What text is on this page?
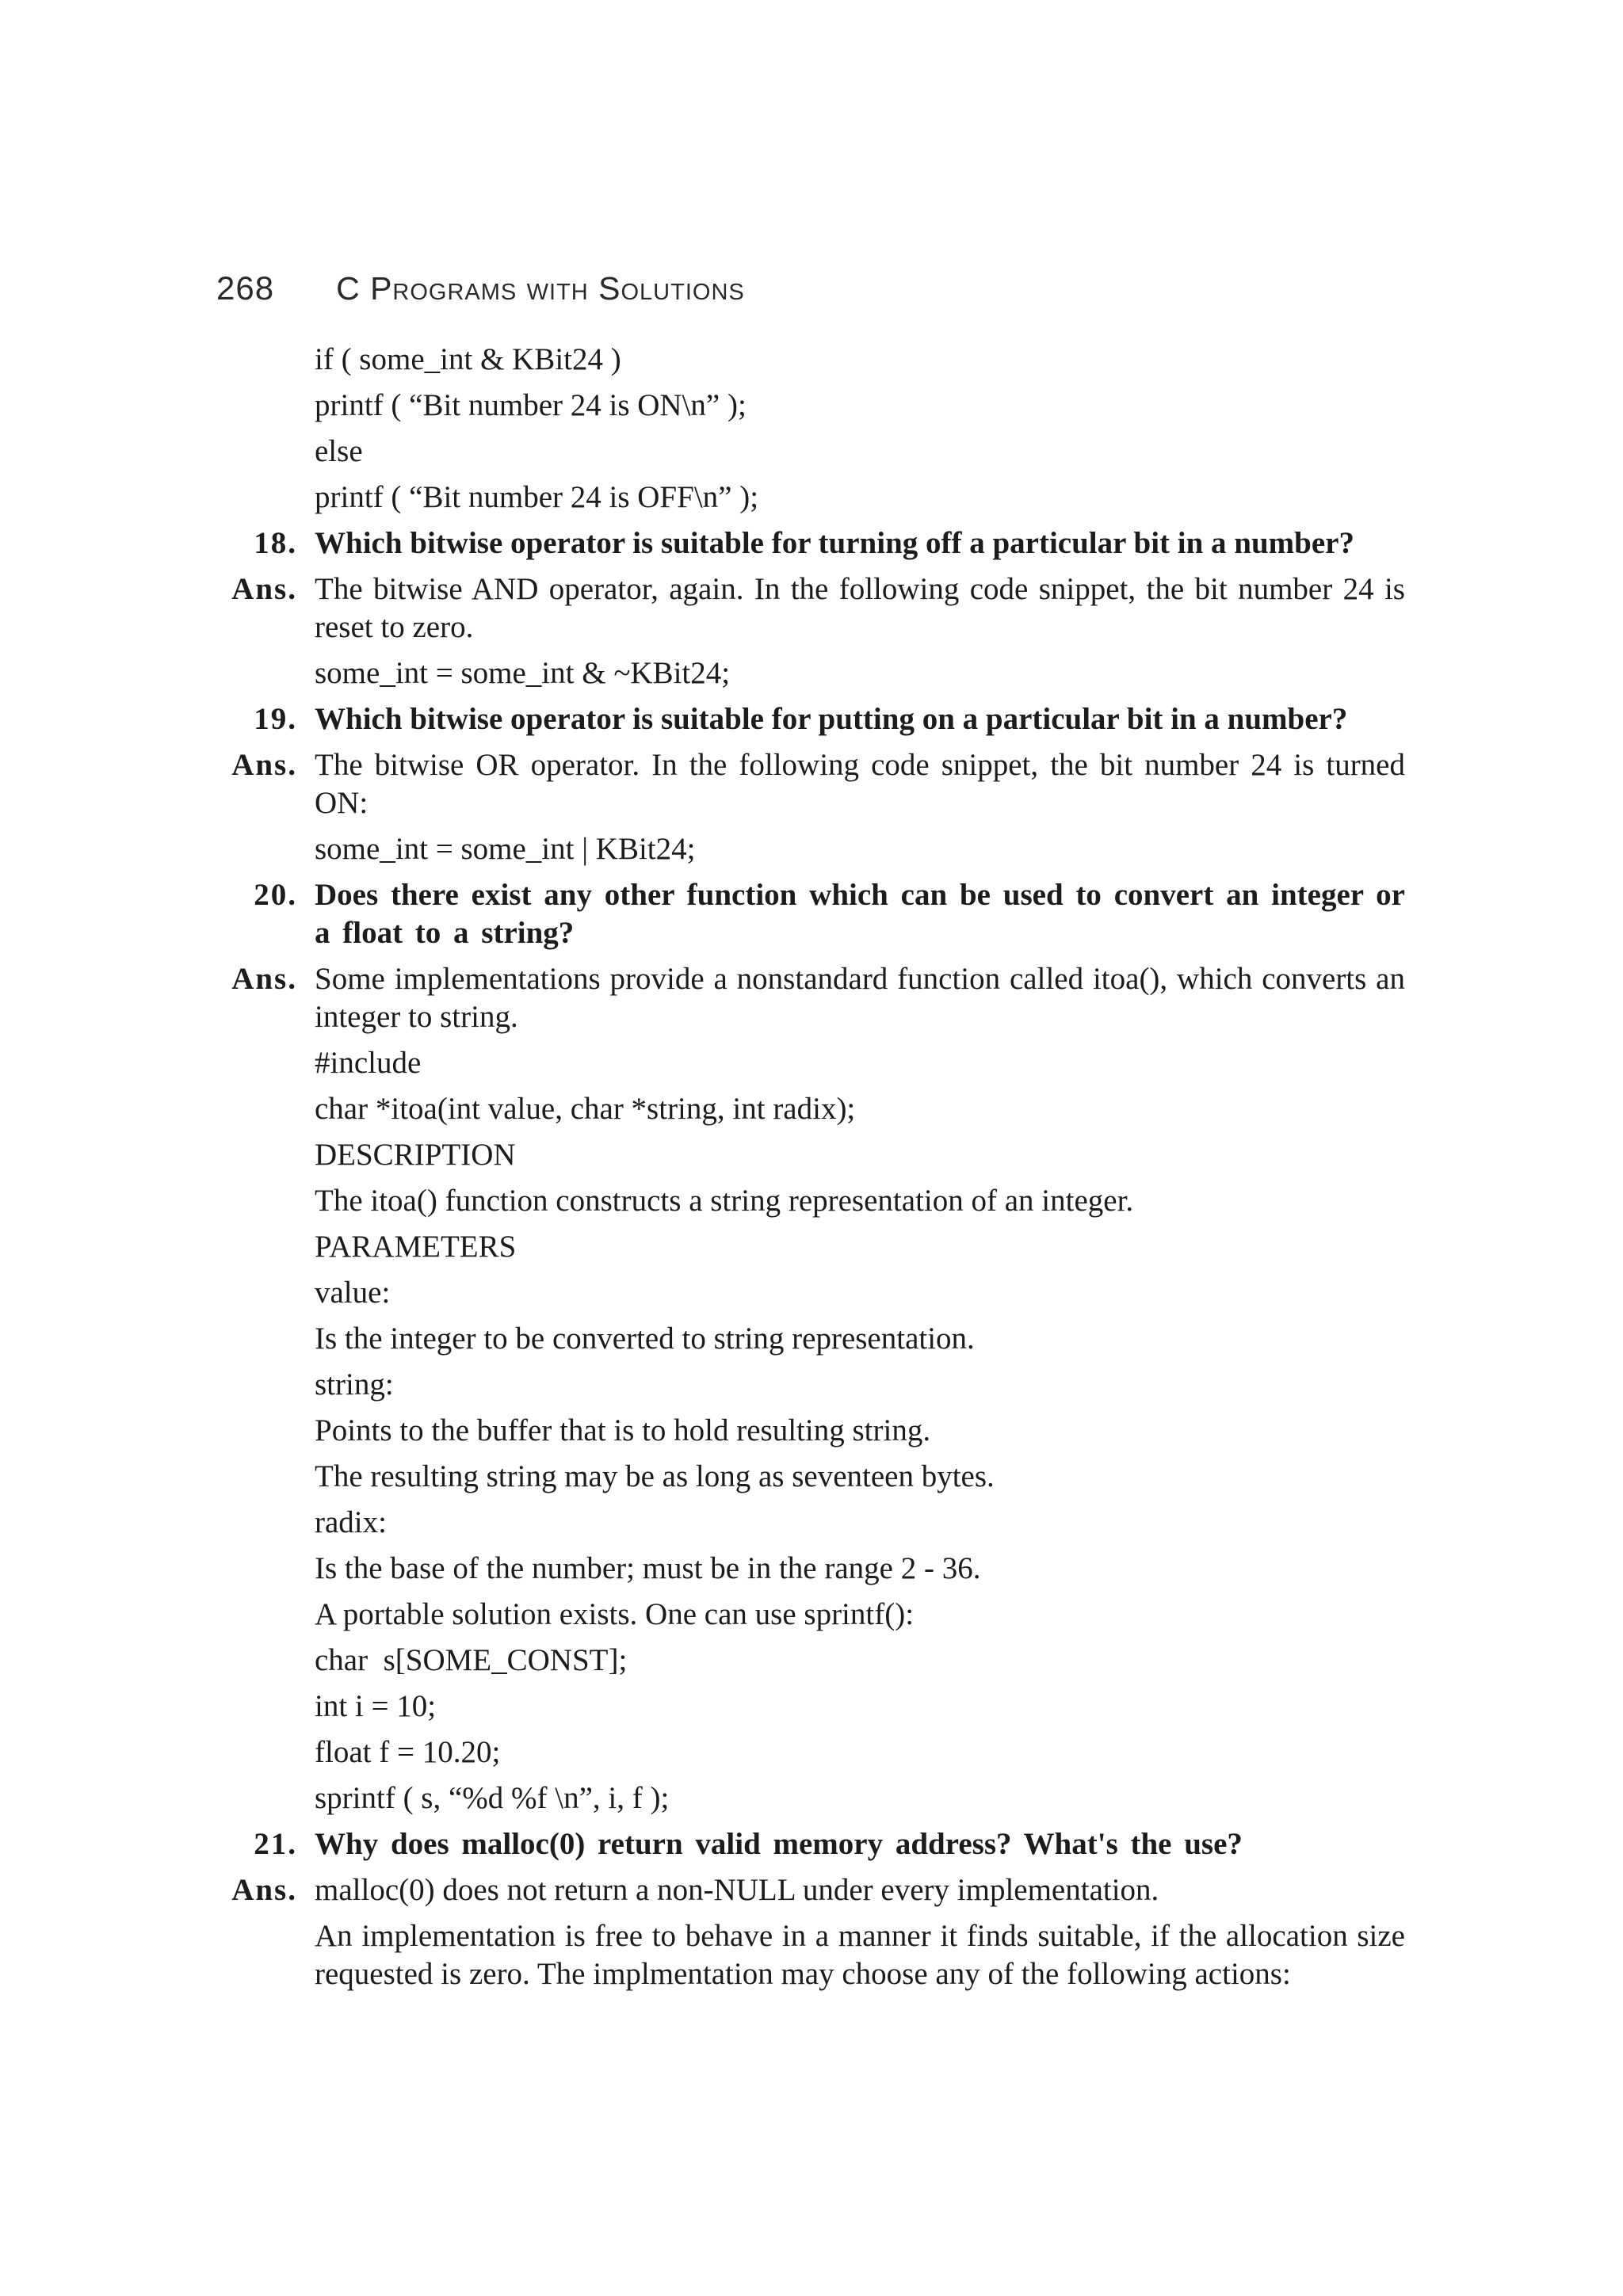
268 C Programs with Solutions
if ( some_int & KBit24 )
printf ( “Bit number 24 is ON\n” );
else
printf ( “Bit number 24 is OFF\n” );
18. Which bitwise operator is suitable for turning off a particular bit in a number?
Ans. The bitwise AND operator, again. In the following code snippet, the bit number 24 is reset to zero.
some_int = some_int & ~KBit24;
19. Which bitwise operator is suitable for putting on a particular bit in a number?
Ans. The bitwise OR operator. In the following code snippet, the bit number 24 is turned ON:
some_int = some_int | KBit24;
20. Does there exist any other function which can be used to convert an integer or a float to a string?
Ans. Some implementations provide a nonstandard function called itoa(), which converts an integer to string.
#include
char *itoa(int value, char *string, int radix);
DESCRIPTION
The itoa() function constructs a string representation of an integer.
PARAMETERS
value:
Is the integer to be converted to string representation.
string:
Points to the buffer that is to hold resulting string.
The resulting string may be as long as seventeen bytes.
radix:
Is the base of the number; must be in the range 2 - 36.
A portable solution exists. One can use sprintf():
char  s[SOME_CONST];
int i = 10;
float f = 10.20;
sprintf ( s, “%d %f \n”, i, f );
21. Why does malloc(0) return valid memory address? What's the use?
Ans. malloc(0) does not return a non-NULL under every implementation.
An implementation is free to behave in a manner it finds suitable, if the allocation size requested is zero. The implmentation may choose any of the following actions:
